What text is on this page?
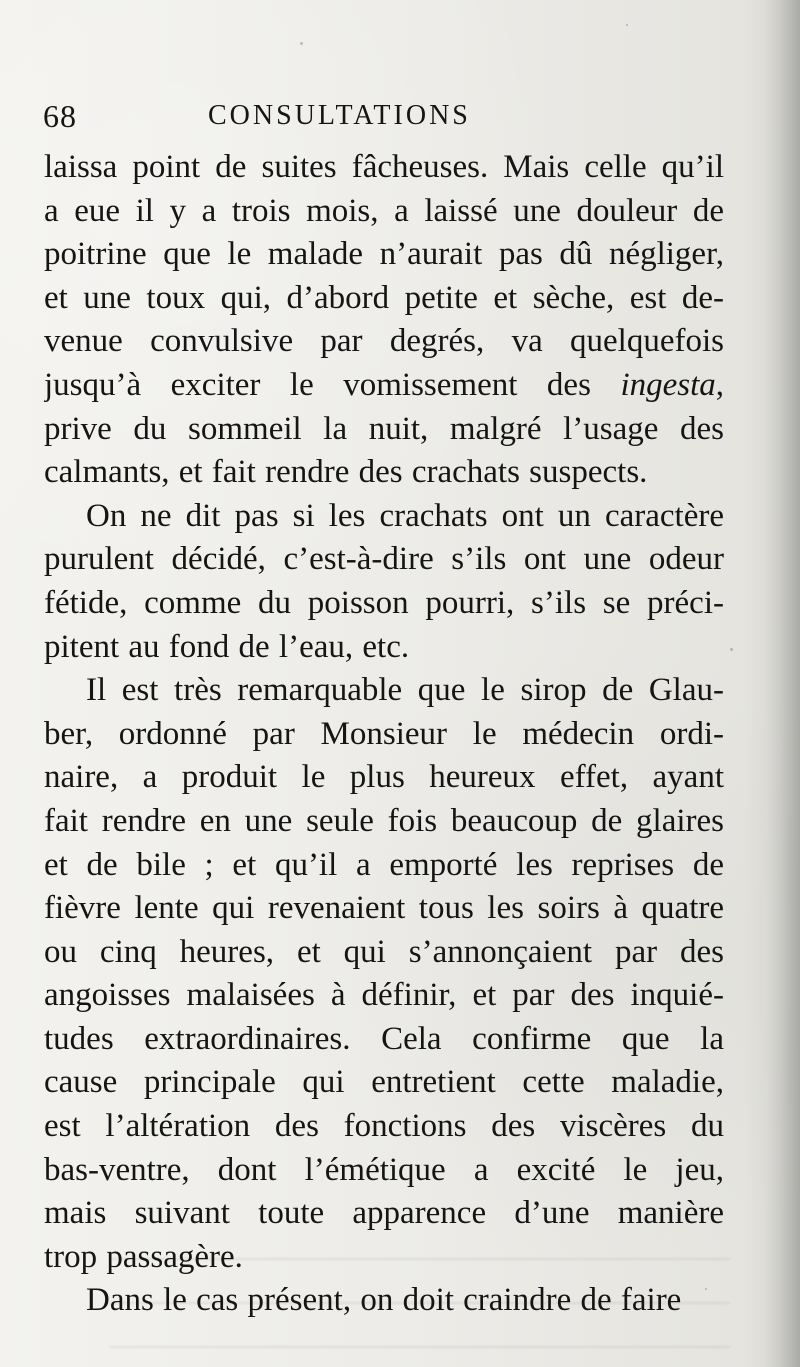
68	CONSULTATIONS
laissa point de suites fâcheuses. Mais celle qu’il
a eue il y a trois mois, a laissé une douleur de
poitrine que le malade n’aurait pas dû négliger,
et une toux qui, d’abord petite et sèche, est de-
venue convulsive par degrés, va quelquefois
jusqu’à exciter le vomissement des ingesta,
prive du sommeil la nuit, malgré l’usage des
calmants, et fait rendre des crachats suspects.
On ne dit pas si les crachats ont un caractère
purulent décidé, c’est-à-dire s’ils ont une odeur
fétide, comme du poisson pourri, s’ils se préci-
pitent au fond de l’eau, etc.
Il est très remarquable que le sirop de Glau-
ber, ordonné par Monsieur le médecin ordi-
naire, a produit le plus heureux effet, ayant
fait rendre en une seule fois beaucoup de glaires
et de bile ; et qu’il a emporté les reprises de
fièvre lente qui revenaient tous les soirs à quatre
ou cinq heures, et qui s’annonçaient par des
angoisses malaisées à définir, et par des inquié-
tudes extraordinaires. Cela confirme que la
cause principale qui entretient cette maladie,
est l’altération des fonctions des viscères du
bas-ventre, dont l’émétique a excité le jeu,
mais suivant toute apparence d’une manière
trop passagère.
Dans le cas présent, on doit craindre de faire
